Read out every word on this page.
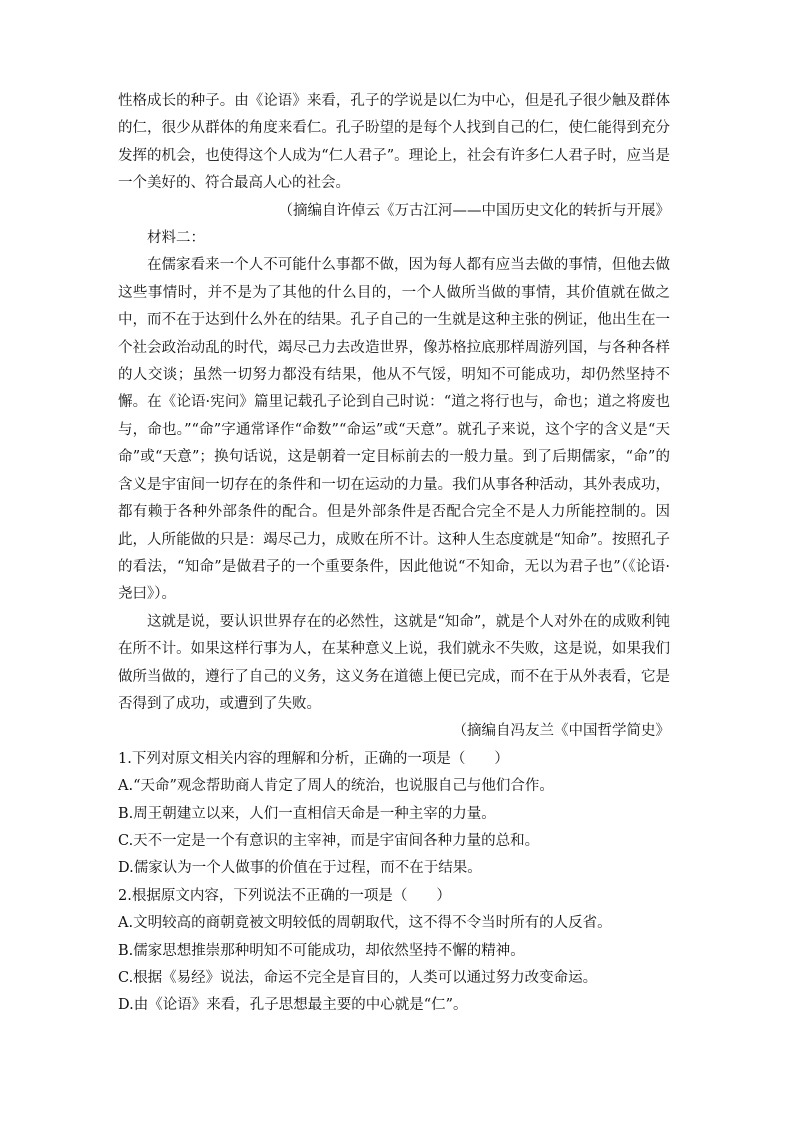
性格成长的种子。由《论语》来看，孔子的学说是以仁为中心，但是孔子很少触及群体的仁，很少从群体的角度来看仁。孔子盼望的是每个人找到自己的仁，使仁能得到充分发挥的机会，也使得这个人成为“仁人君子”。理论上，社会有许多仁人君子时，应当是一个美好的、符合最高人心的社会。

（摘编自许倬云《万古江河——中国历史文化的转折与开展》

材料二：

在儒家看来一个人不可能什么事都不做，因为每人都有应当去做的事情，但他去做这些事情时，并不是为了其他的什么目的，一个人做所当做的事情，其价值就在做之中，而不在于达到什么外在的结果。孔子自己的一生就是这种主张的例证，他出生在一个社会政治动乱的时代，竭尽己力去改造世界，像苏格拉底那样周游列国，与各种各样的人交谈；虽然一切努力都没有结果，他从不气馁，明知不可能成功，却仍然坚持不懈。在《论语·宪问》篇里记载孔子论到自己时说：“道之将行也与，命也；道之将废也与，命也。”“命”字通常译作“命数”“命运”或“天意”。就孔子来说，这个字的含义是“天命”或“天意”；换句话说，这是朝着一定目标前去的一般力量。到了后期儒家，“命”的含义是宇宙间一切存在的条件和一切在运动的力量。我们从事各种活动，其外表成功，都有赖于各种外部条件的配合。但是外部条件是否配合完全不是人力所能控制的。因此，人所能做的只是：竭尽己力，成败在所不计。这种人生态度就是“知命”。按照孔子的看法，“知命”是做君子的一个重要条件，因此他说“不知命，无以为君子也”（《论语·尧曰》）。

这就是说，要认识世界存在的必然性，这就是“知命”，就是个人对外在的成败利钝在所不计。如果这样行事为人，在某种意义上说，我们就永不失败，这是说，如果我们做所当做的，遵行了自己的义务，这义务在道德上便已完成，而不在于从外表看，它是否得到了成功，或遭到了失败。

（摘编自冯友兰《中国哲学简史》

1.下列对原文相关内容的理解和分析，正确的一项是（　　）

A.“天命”观念帮助商人肯定了周人的统治，也说服自己与他们合作。

B.周王朝建立以来，人们一直相信天命是一种主宰的力量。

C.天不一定是一个有意识的主宰神，而是宇宙间各种力量的总和。

D.儒家认为一个人做事的价值在于过程，而不在于结果。

2.根据原文内容，下列说法不正确的一项是（　　）

A.文明较高的商朝竟被文明较低的周朝取代，这不得不令当时所有的人反省。

B.儒家思想推崇那种明知不可能成功，却依然坚持不懈的精神。

C.根据《易经》说法，命运不完全是盲目的，人类可以通过努力改变命运。

D.由《论语》来看，孔子思想最主要的中心就是“仁”。
